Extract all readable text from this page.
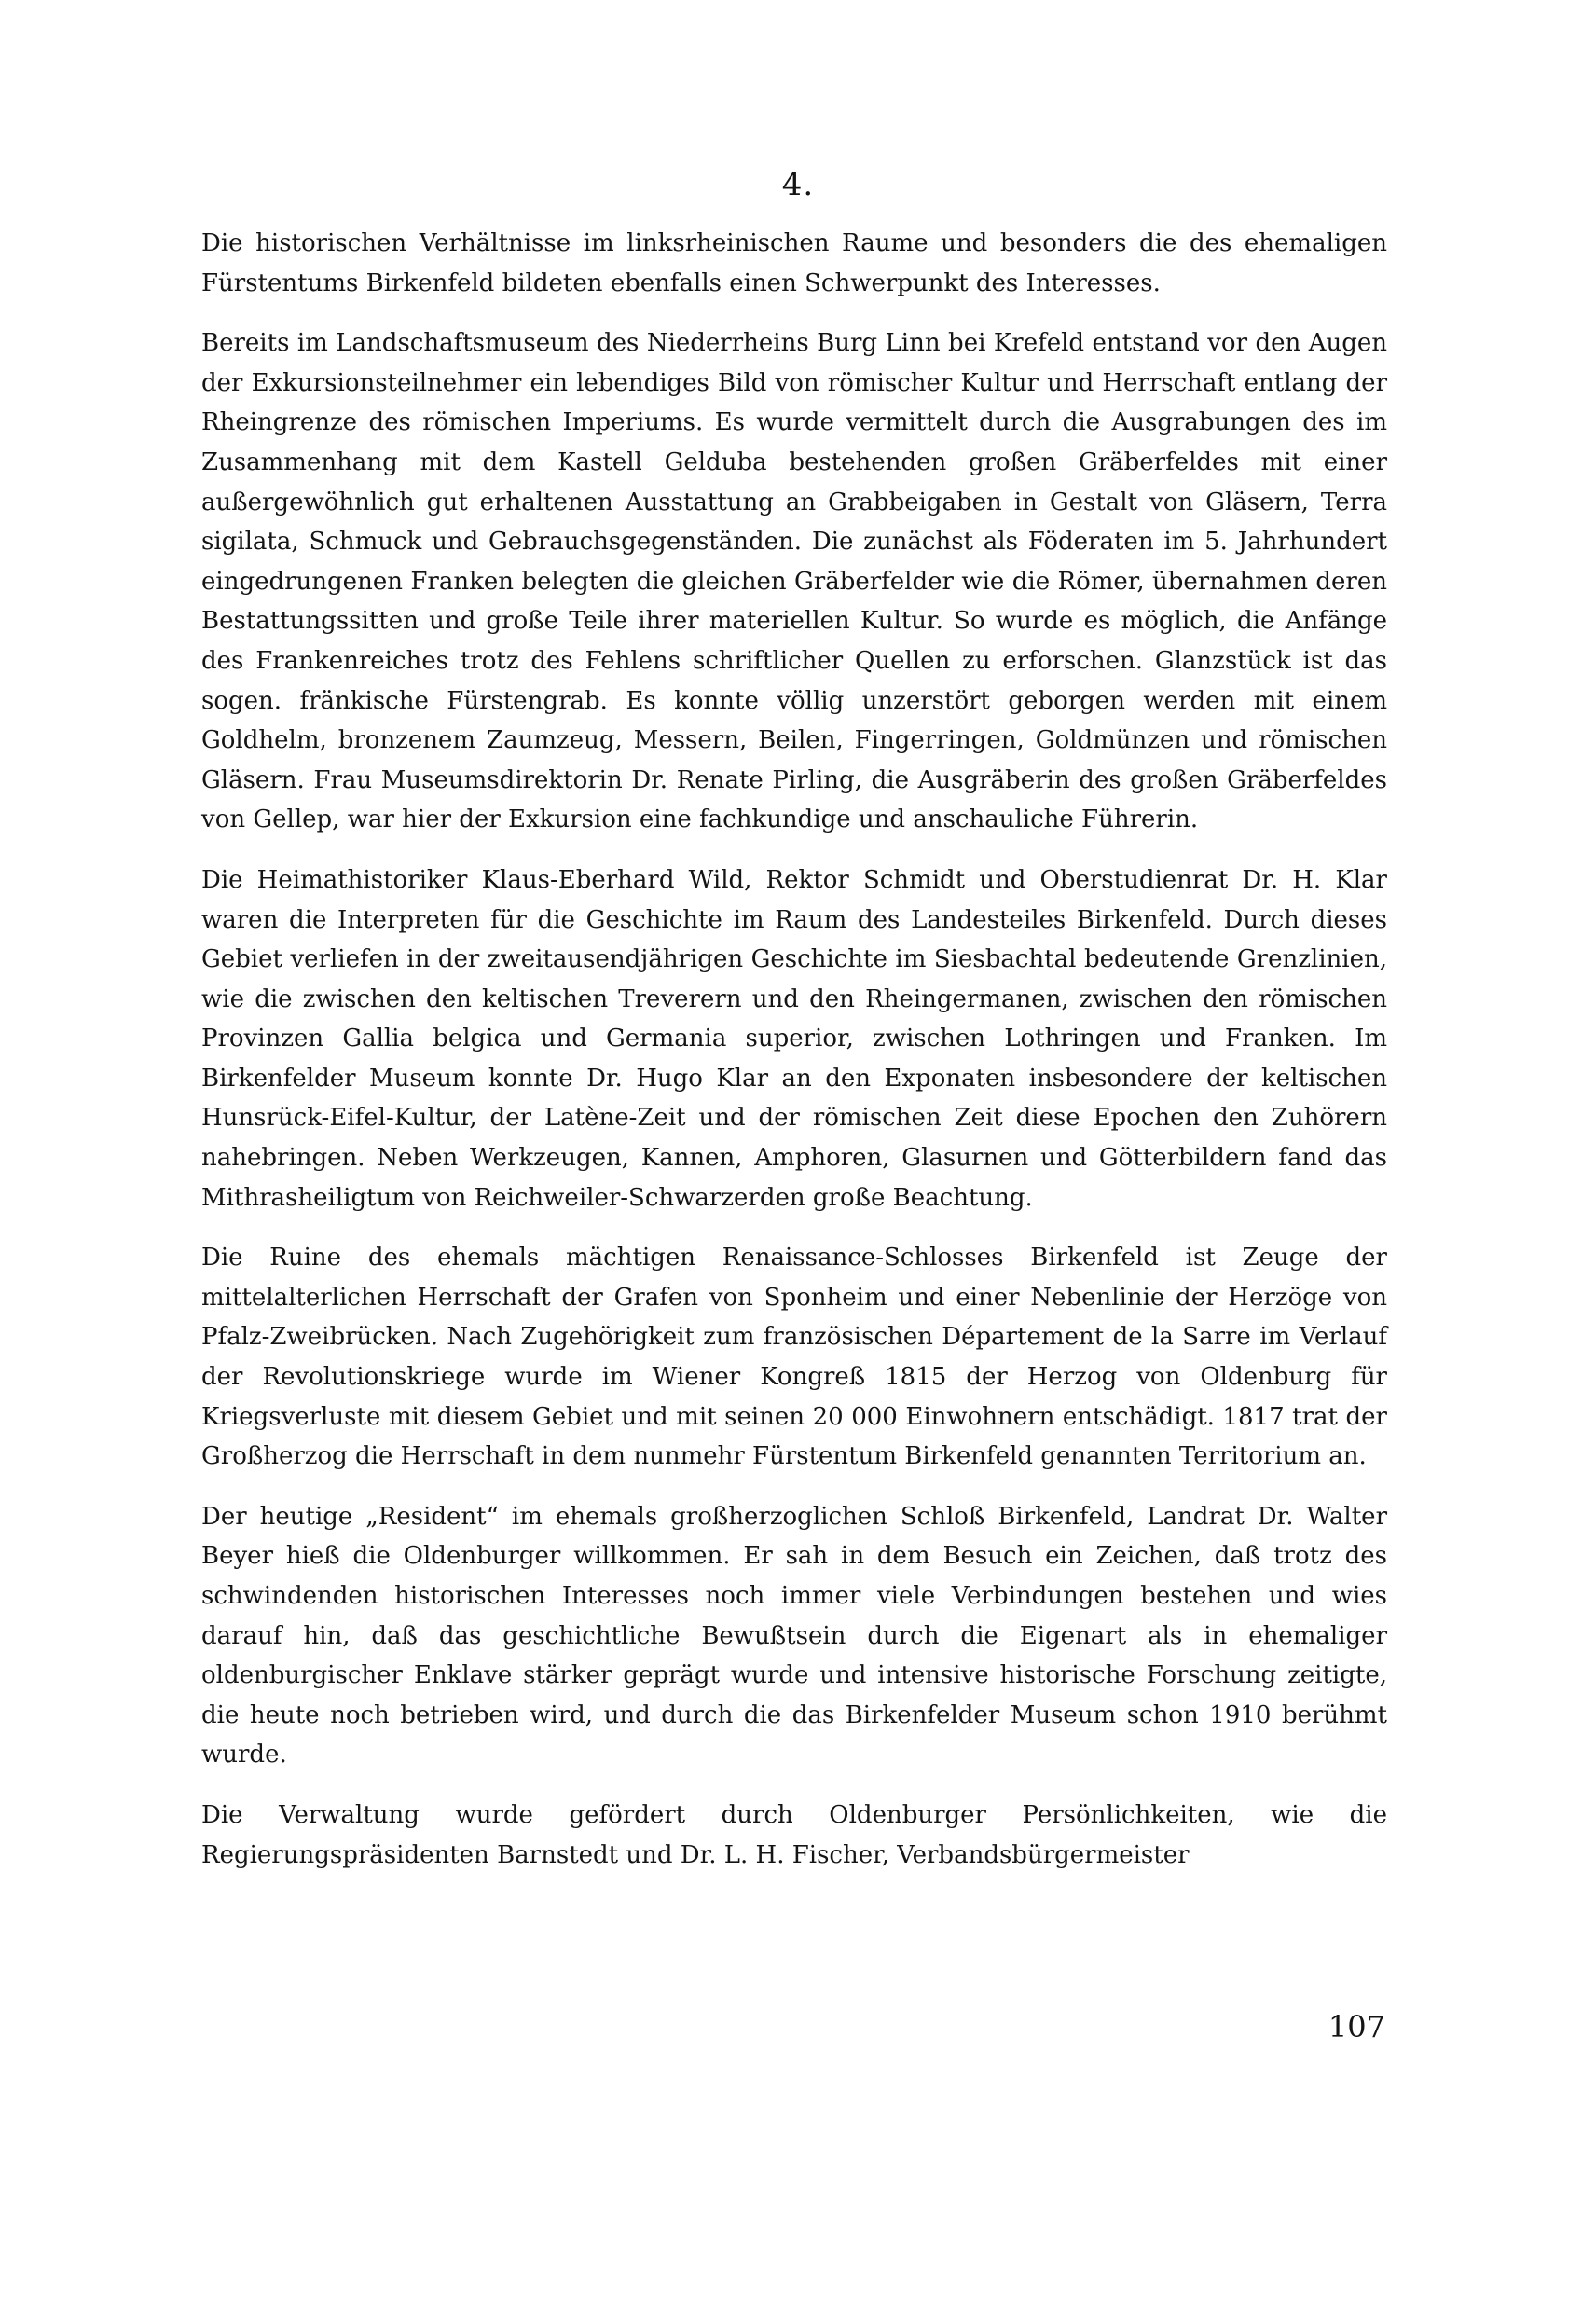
4.

Die historischen Verhältnisse im linksrheinischen Raume und besonders die des ehemaligen Fürstentums Birkenfeld bildeten ebenfalls einen Schwerpunkt des Interesses.

Bereits im Landschaftsmuseum des Niederrheins Burg Linn bei Krefeld entstand vor den Augen der Exkursionsteilnehmer ein lebendiges Bild von römischer Kultur und Herrschaft entlang der Rheingrenze des römischen Imperiums. Es wurde vermittelt durch die Ausgrabungen des im Zusammenhang mit dem Kastell Gelduba bestehenden großen Gräberfeldes mit einer außergewöhnlich gut erhaltenen Ausstattung an Grabbeigaben in Gestalt von Gläsern, Terra sigilata, Schmuck und Gebrauchsgegenständen. Die zunächst als Föderaten im 5. Jahrhundert eingedrungenen Franken belegten die gleichen Gräberfelder wie die Römer, übernahmen deren Bestattungssitten und große Teile ihrer materiellen Kultur. So wurde es möglich, die Anfänge des Frankenreiches trotz des Fehlens schriftlicher Quellen zu erforschen. Glanzstück ist das sogen. fränkische Fürstengrab. Es konnte völlig unzerstört geborgen werden mit einem Goldhelm, bronzenem Zaumzeug, Messern, Beilen, Fingerringen, Goldmünzen und römischen Gläsern. Frau Museumsdirektorin Dr. Renate Pirling, die Ausgräberin des großen Gräberfeldes von Gellep, war hier der Exkursion eine fachkundige und anschauliche Führerin.

Die Heimathistoriker Klaus-Eberhard Wild, Rektor Schmidt und Oberstudienrat Dr. H. Klar waren die Interpreten für die Geschichte im Raum des Landesteiles Birkenfeld. Durch dieses Gebiet verliefen in der zweitausendjährigen Geschichte im Siesbachtal bedeutende Grenzlinien, wie die zwischen den keltischen Treverern und den Rheingermanen, zwischen den römischen Provinzen Gallia belgica und Germania superior, zwischen Lothringen und Franken. Im Birkenfelder Museum konnte Dr. Hugo Klar an den Exponaten insbesondere der keltischen Hunsrück-Eifel-Kultur, der Latène-Zeit und der römischen Zeit diese Epochen den Zuhörern nahebringen. Neben Werkzeugen, Kannen, Amphoren, Glasurnen und Götterbildern fand das Mithrasheiligtum von Reichweiler-Schwarzerden große Beachtung.

Die Ruine des ehemals mächtigen Renaissance-Schlosses Birkenfeld ist Zeuge der mittelalterlichen Herrschaft der Grafen von Sponheim und einer Nebenlinie der Herzöge von Pfalz-Zweibrücken. Nach Zugehörigkeit zum französischen Département de la Sarre im Verlauf der Revolutionskriege wurde im Wiener Kongreß 1815 der Herzog von Oldenburg für Kriegsverluste mit diesem Gebiet und mit seinen 20 000 Einwohnern entschädigt. 1817 trat der Großherzog die Herrschaft in dem nunmehr Fürstentum Birkenfeld genannten Territorium an.

Der heutige „Resident“ im ehemals großherzoglichen Schloß Birkenfeld, Landrat Dr. Walter Beyer hieß die Oldenburger willkommen. Er sah in dem Besuch ein Zeichen, daß trotz des schwindenden historischen Interesses noch immer viele Verbindungen bestehen und wies darauf hin, daß das geschichtliche Bewußtsein durch die Eigenart als in ehemaliger oldenburgischer Enklave stärker geprägt wurde und intensive historische Forschung zeitigte, die heute noch betrieben wird, und durch die das Birkenfelder Museum schon 1910 berühmt wurde.

Die Verwaltung wurde gefördert durch Oldenburger Persönlichkeiten, wie die Regierungspräsidenten Barnstedt und Dr. L. H. Fischer, Verbandsbürgermeister

107
